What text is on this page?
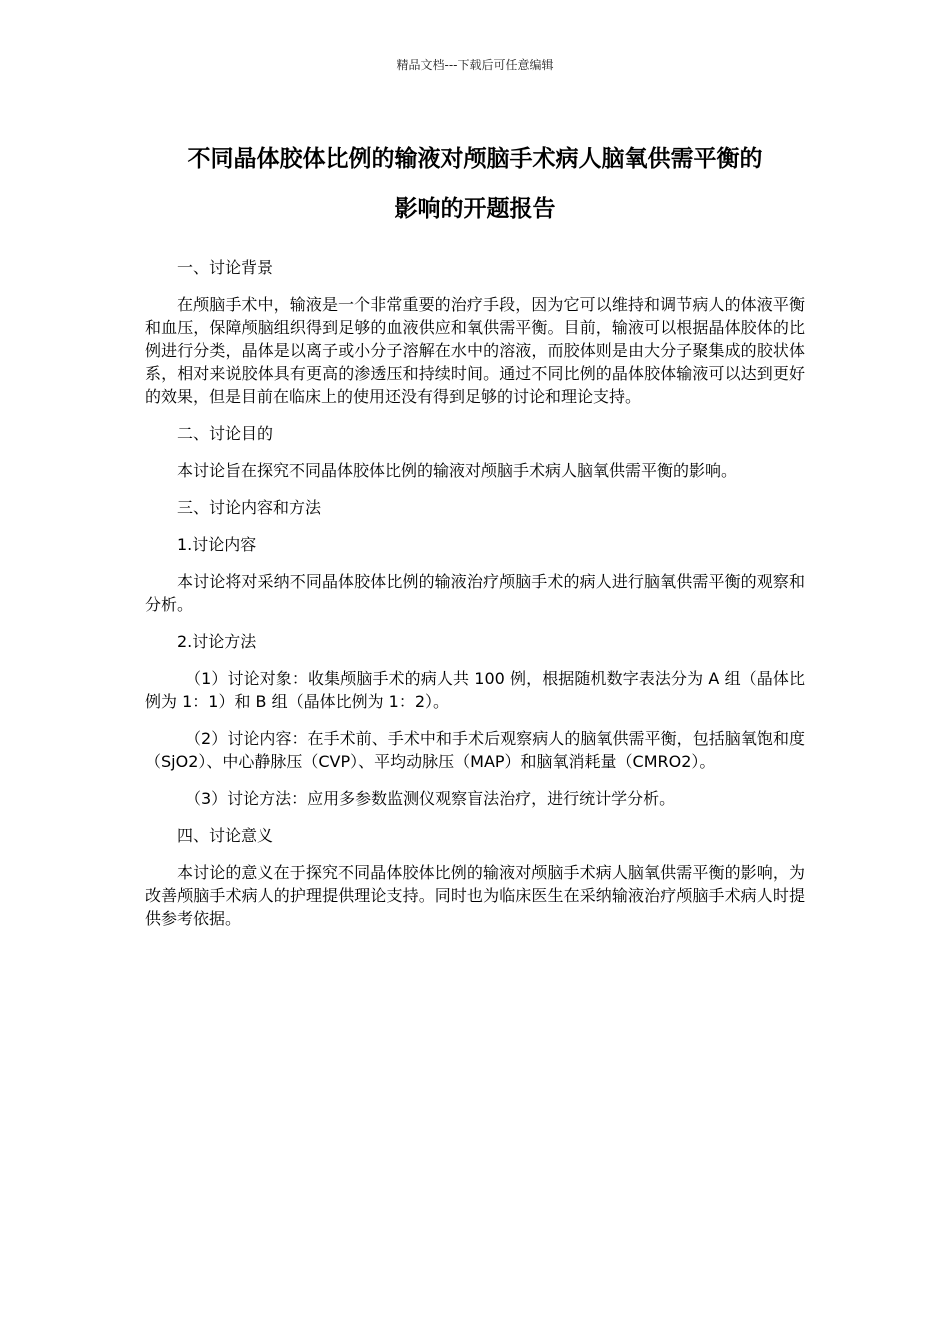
精品文档---下载后可任意编辑
不同晶体胶体比例的输液对颅脑手术病人脑氧供需平衡的
影响的开题报告

一、讨论背景

在颅脑手术中，输液是一个非常重要的治疗手段，因为它可以维持和调节病人的体液平衡和血压，保障颅脑组织得到足够的血液供应和氧供需平衡。目前，输液可以根据晶体胶体的比例进行分类，晶体是以离子或小分子溶解在水中的溶液，而胶体则是由大分子聚集成的胶状体系，相对来说胶体具有更高的渗透压和持续时间。通过不同比例的晶体胶体输液可以达到更好的效果，但是目前在临床上的使用还没有得到足够的讨论和理论支持。

二、讨论目的

本讨论旨在探究不同晶体胶体比例的输液对颅脑手术病人脑氧供需平衡的影响。

三、讨论内容和方法

1.讨论内容

本讨论将对采纳不同晶体胶体比例的输液治疗颅脑手术的病人进行脑氧供需平衡的观察和分析。

2.讨论方法

（1）讨论对象：收集颅脑手术的病人共 100 例，根据随机数字表法分为 A 组（晶体比例为 1：1）和 B 组（晶体比例为 1：2）。

（2）讨论内容：在手术前、手术中和手术后观察病人的脑氧供需平衡，包括脑氧饱和度（SjO2）、中心静脉压（CVP）、平均动脉压（MAP）和脑氧消耗量（CMRO2）。

（3）讨论方法：应用多参数监测仪观察盲法治疗，进行统计学分析。

四、讨论意义

本讨论的意义在于探究不同晶体胶体比例的输液对颅脑手术病人脑氧供需平衡的影响，为改善颅脑手术病人的护理提供理论支持。同时也为临床医生在采纳输液治疗颅脑手术病人时提供参考依据。
